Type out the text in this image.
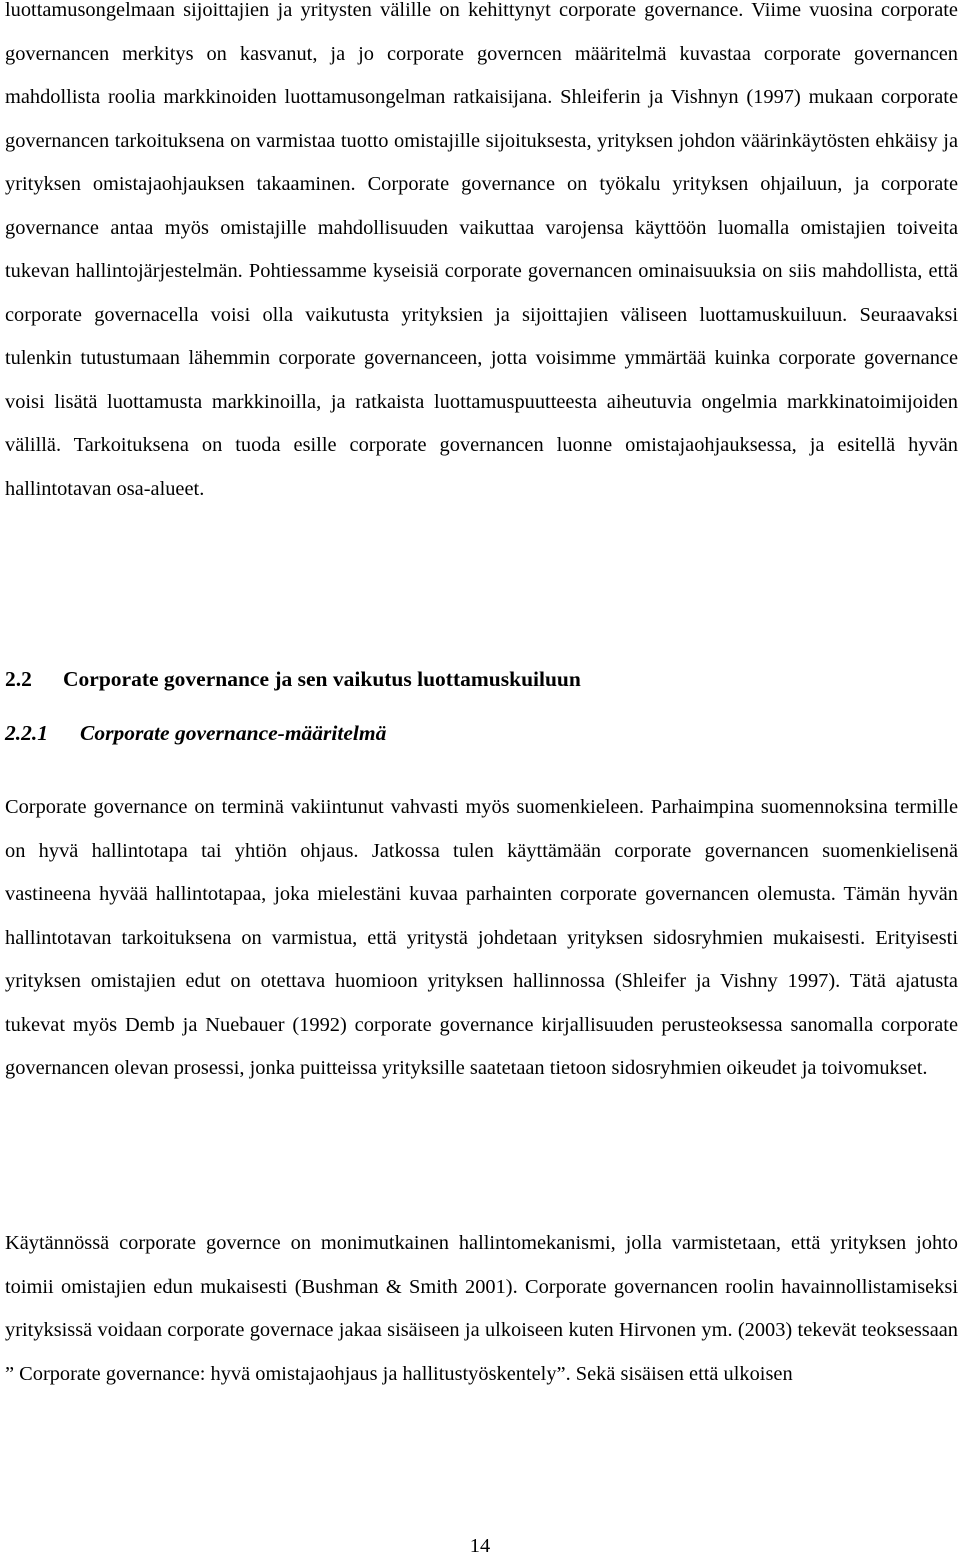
luottamusongelmaan sijoittajien ja yritysten välille on kehittynyt corporate governance. Viime vuosina corporate governancen merkitys on kasvanut, ja jo corporate governcen määritelmä kuvastaa corporate governancen mahdollista roolia markkinoiden luottamusongelman ratkaisijana. Shleiferin ja Vishnyn (1997) mukaan corporate governancen tarkoituksena on varmistaa tuotto omistajille sijoituksesta, yrityksen johdon väärinkäytösten ehkäisy ja yrityksen omistajaohjauksen takaaminen. Corporate governance on työkalu yrityksen ohjailuun, ja corporate governance antaa myös omistajille mahdollisuuden vaikuttaa varojensa käyttöön luomalla omistajien toiveita tukevan hallintojärjestelmän. Pohtiessamme kyseisiä corporate governancen ominaisuuksia on siis mahdollista, että corporate governacella voisi olla vaikutusta yrityksien ja sijoittajien väliseen luottamuskuiluun. Seuraavaksi tulenkin tutustumaan lähemmin corporate governanceen, jotta voisimme ymmärtää kuinka corporate governance voisi lisätä luottamusta markkinoilla, ja ratkaista luottamuspuutteesta aiheutuvia ongelmia markkinatoimijoiden välillä. Tarkoituksena on tuoda esille corporate governancen luonne omistajaohjauksessa, ja esitellä hyvän hallintotavan osa-alueet.

2.2 Corporate governance ja sen vaikutus luottamuskuiluun
2.2.1 Corporate governance-määritelmä

Corporate governance on terminä vakiintunut vahvasti myös suomenkieleen. Parhaimpina suomennoksina termille on hyvä hallintotapa tai yhtiön ohjaus. Jatkossa tulen käyttämään corporate governancen suomenkielisenä vastineena hyvää hallintotapaa, joka mielestäni kuvaa parhainten corporate governancen olemusta. Tämän hyvän hallintotavan tarkoituksena on varmistua, että yritystä johdetaan yrityksen sidosryhmien mukaisesti. Erityisesti yrityksen omistajien edut on otettava huomioon yrityksen hallinnossa (Shleifer ja Vishny 1997). Tätä ajatusta tukevat myös Demb ja Nuebauer (1992) corporate governance kirjallisuuden perusteoksessa sanomalla corporate governancen olevan prosessi, jonka puitteissa yrityksille saatetaan tietoon sidosryhmien oikeudet ja toivomukset.

Käytännössä corporate governce on monimutkainen hallintomekanismi, jolla varmistetaan, että yrityksen johto toimii omistajien edun mukaisesti (Bushman & Smith 2001). Corporate governancen roolin havainnollistamiseksi yrityksissä voidaan corporate governace jakaa sisäiseen ja ulkoiseen kuten Hirvonen ym. (2003) tekevät teoksessaan ” Corporate governance: hyvä omistajaohjaus ja hallitustyöskentely”. Sekä sisäisen että ulkoisen

14
